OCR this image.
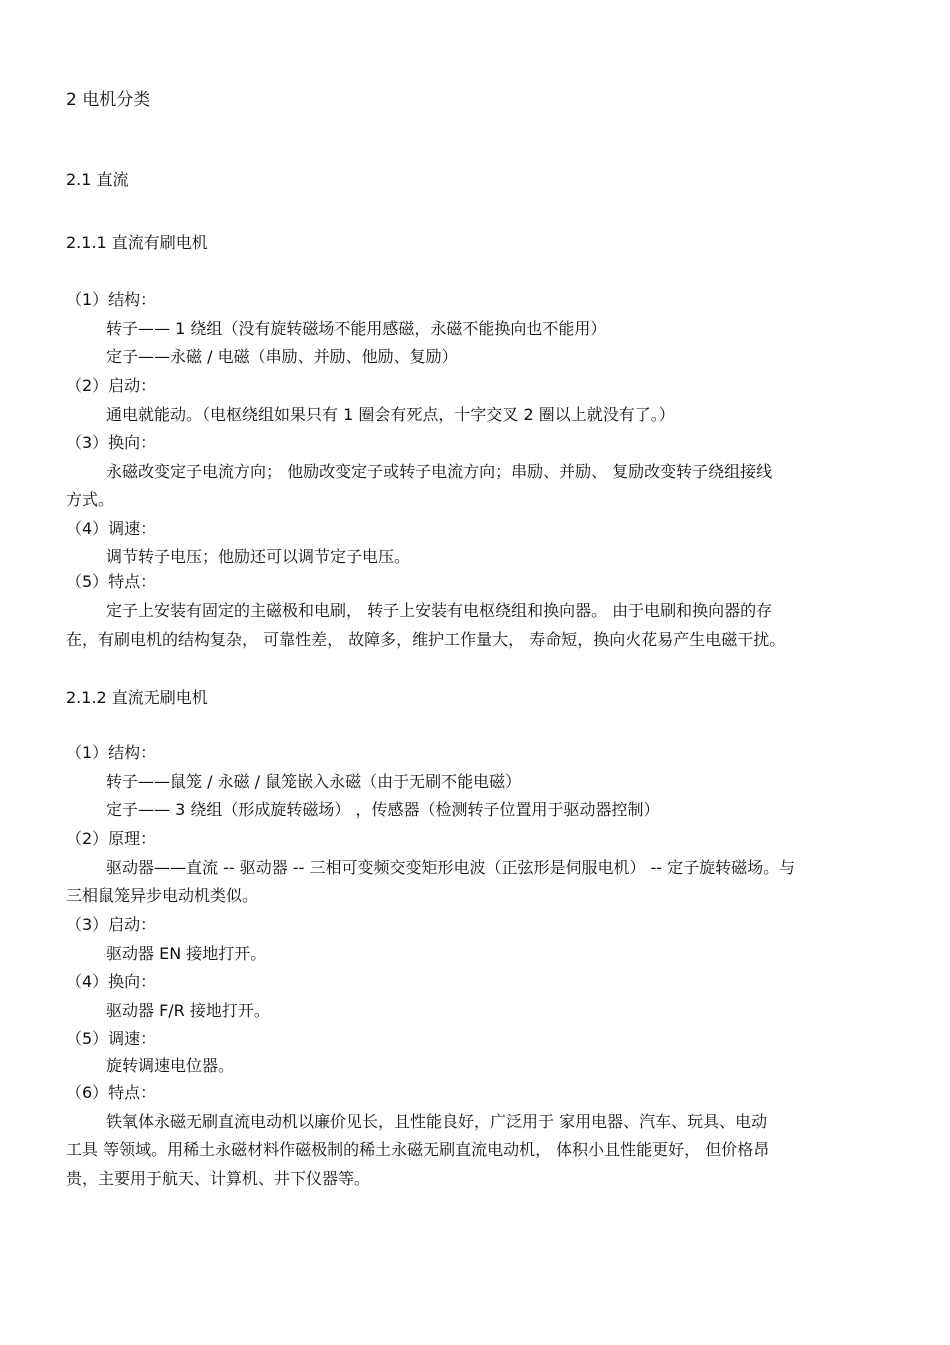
2 电机分类
2.1 直流
2.1.1 直流有刷电机
（1）结构：
转子—— 1 绕组（没有旋转磁场不能用感磁，永磁不能换向也不能用）
定子——永磁 / 电磁（串励、并励、他励、复励）
（2）启动：
通电就能动。（电枢绕组如果只有 1 圈会有死点，十字交叉 2 圈以上就没有了。）
（3）换向：
永磁改变定子电流方向； 他励改变定子或转子电流方向；串励、并励、 复励改变转子绕组接线
方式。
（4）调速：
调节转子电压；他励还可以调节定子电压。
（5）特点：
定子上安装有固定的主磁极和电刷， 转子上安装有电枢绕组和换向器。 由于电刷和换向器的存
在，有刷电机的结构复杂， 可靠性差， 故障多，维护工作量大， 寿命短，换向火花易产生电磁干扰。
2.1.2 直流无刷电机
（1）结构：
转子——鼠笼 / 永磁 / 鼠笼嵌入永磁（由于无刷不能电磁）
定子—— 3 绕组（形成旋转磁场） ，传感器（检测转子位置用于驱动器控制）
（2）原理：
驱动器——直流 -- 驱动器 -- 三相可变频交变矩形电波（正弦形是伺服电机） -- 定子旋转磁场。与
三相鼠笼异步电动机类似。
（3）启动：
驱动器 EN 接地打开。
（4）换向：
驱动器 F/R 接地打开。
（5）调速：
旋转调速电位器。
（6）特点：
铁氧体永磁无刷直流电动机以廉价见长，且性能良好，广泛用于 家用电器、汽车、玩具、电动
工具 等领域。用稀土永磁材料作磁极制的稀土永磁无刷直流电动机， 体积小且性能更好， 但价格昂
贵，主要用于航天、计算机、井下仪器等。
